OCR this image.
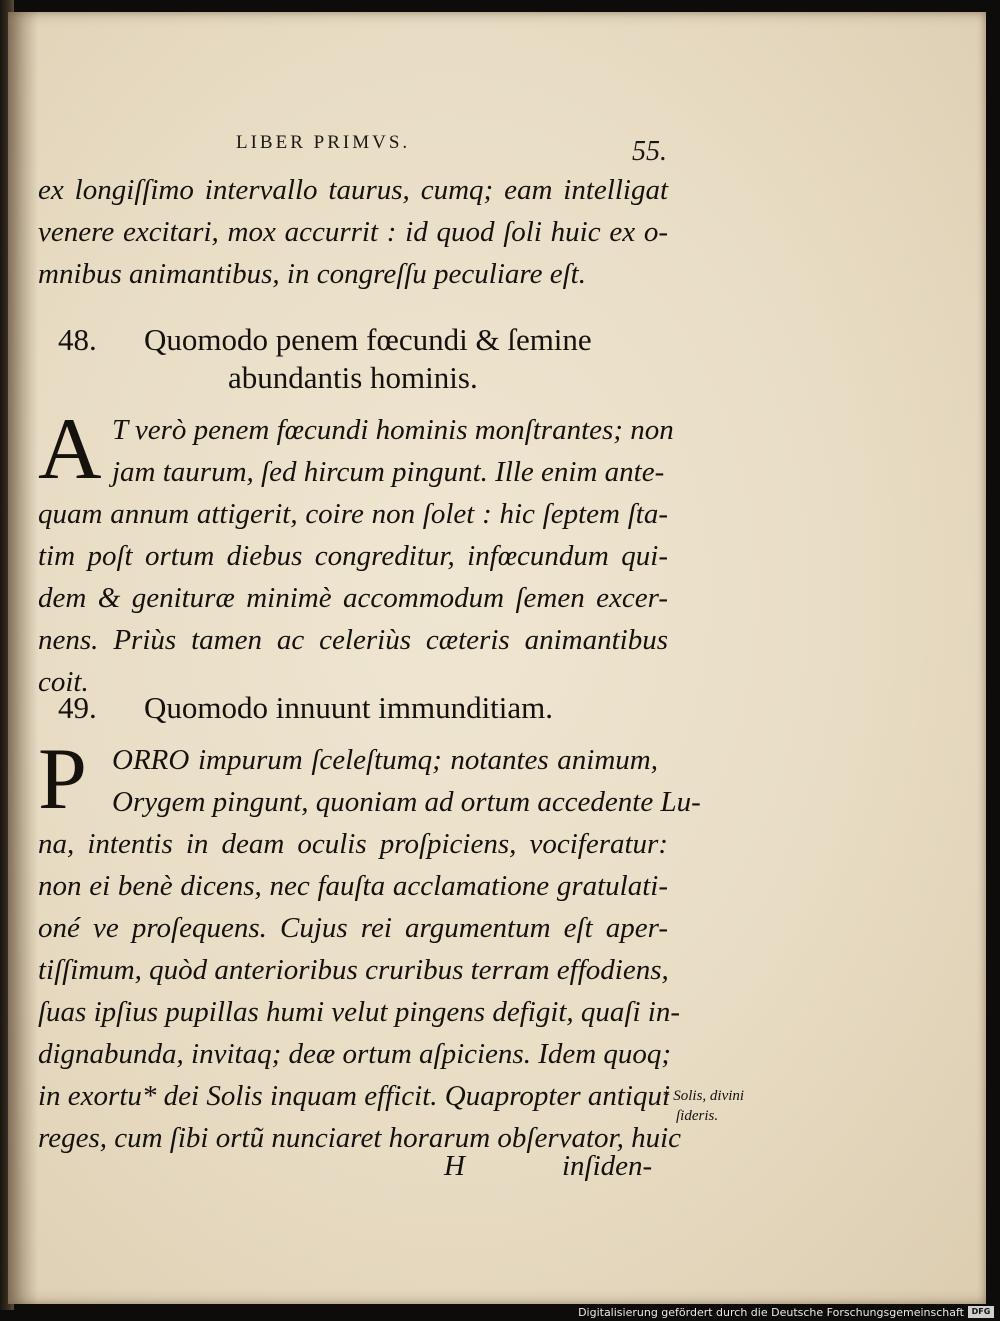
LIBER PRIMVS.	55.

ex longiſſimo intervallo taurus, cumq; eam intelligat

venere excitari, mox accurrit : id quod ſoli huic ex o-

mnibus animantibus, in congreſſu peculiare eſt.

48. Quomodo penem fœcundi & ſemine
abundantis hominis.
A T verò penem fœcundi hominis monſtrantes; non

jam taurum, ſed hircum pingunt. Ille enim ante-

quam annum attigerit, coire non ſolet : hic ſeptem ſta-

tim poſt ortum diebus congreditur, infœcundum qui-

dem & genituræ minimè accommodum ſemen excer-

nens. Priùs tamen ac celeriùs cæteris animantibus

coit.

49. Quomodo innuunt immunditiam.
P ORRO impurum ſceleſtumq; notantes animum,

Orygem pingunt, quoniam ad ortum accedente Lu-

na, intentis in deam oculis proſpiciens, vociferatur:

non ei benè dicens, nec fauſta acclamatione gratulati-

oné ve proſequens. Cujus rei argumentum eſt aper-

tiſſimum, quòd anterioribus cruribus terram effodiens,

ſuas ipſius pupillas humi velut pingens defigit, quaſi in-

dignabunda, invitaq; deæ ortum aſpiciens. Idem quoq;

in exortu* dei Solis inquam efficit. Quapropter antiqui

reges, cum ſibi ortũ nunciaret horarum obſervator, huic

* Solis, divini
ſideris.
H	inſiden-
Digitalisierung gefördert durch die Deutsche Forschungsgemeinschaft DFG
